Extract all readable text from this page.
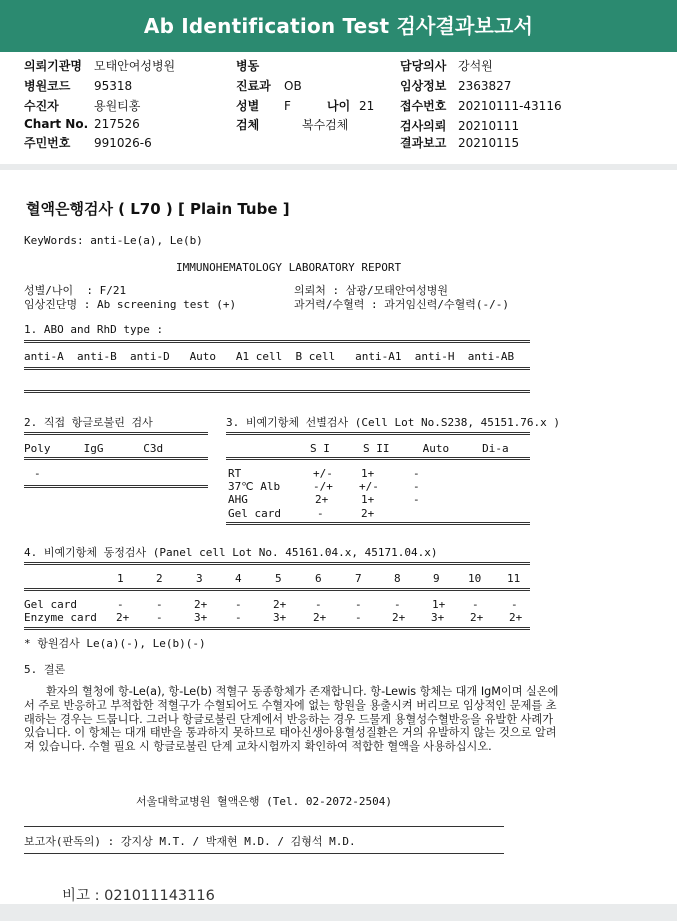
Ab Identification Test 검사결과보고서
의뢰기관명 모태안여성병원
병원코드 95318
수진자	용원티홍
Chart No. 217526
주민번호 991026-6
병동
진료과 OB
성별 F	나이 21
검체	복수검체
담당의사 강석원
임상정보 2363827
접수번호 20210111-43116
검사의뢰 20210111
결과보고 20210115
혈액은행검사 ( L70 ) [ Plain Tube ]
KeyWords: anti-Le(a), Le(b)
IMMUNOHEMATOLOGY LABORATORY REPORT
성별/나이  : F/21
임상진단명 : Ab screening test (+)
의뢰처 : 삼광/모태안여성병원
과거력/수혈력 : 과거임신력/수혈력(-/-)
1. ABO and RhD type :
anti-A  anti-B  anti-D   Auto   A1 cell  B cell   anti-A1  anti-H  anti-AB
2. 직접 항글로불린 검사
Poly     IgG      C3d
-
3. 비예기항체 선별검사 (Cell Lot No.S238, 45151.76.x )
S I     S II     Auto     Di-a
RT	+/-	1+	-
37℃ Alb	-/+ +/-	-
AHG	2+	1+	-
Gel card	-	2+
4. 비예기항체 동정검사 (Panel cell Lot No. 45161.04.x, 45171.04.x)
1	2	3	4	5	6	7	8	9	10 11
Gel card	-	-	2+	-	2+	-	-	-	1+ -	-
Enzyme card 2+ -	3+	-	3+ 2+	-	2+ 3+ 2+ 2+
* 항원검사 Le(a)(-), Le(b)(-)
5. 결론

환자의 혈청에 항-Le(a), 항-Le(b) 적혈구 동종항체가 존재합니다. 항-Lewis 항체는 대개 IgM이며 실온에서 주로 반응하고 부적합한 적혈구가 수혈되어도 수혈자에 없는 항원을 용출시켜 버리므로 임상적인 문제를 초래하는 경우는 드뭅니다. 그러나 항글로불린 단계에서 반응하는 경우 드물게 용혈성수혈반응을 유발한 사례가 있습니다. 이 항체는 대개 태반을 통과하지 못하므로 태아신생아용혈성질환은 거의 유발하지 않는 것으로 알려져 있습니다. 수혈 필요 시 항글로불린 단계 교차시험까지 확인하여 적합한 혈액을 사용하십시오.

서울대학교병원 혈액은행 (Tel. 02-2072-2504)
보고자(판독의) : 강지상 M.T. / 박재현 M.D. / 김형석 M.D.
비고 : 021011143116
